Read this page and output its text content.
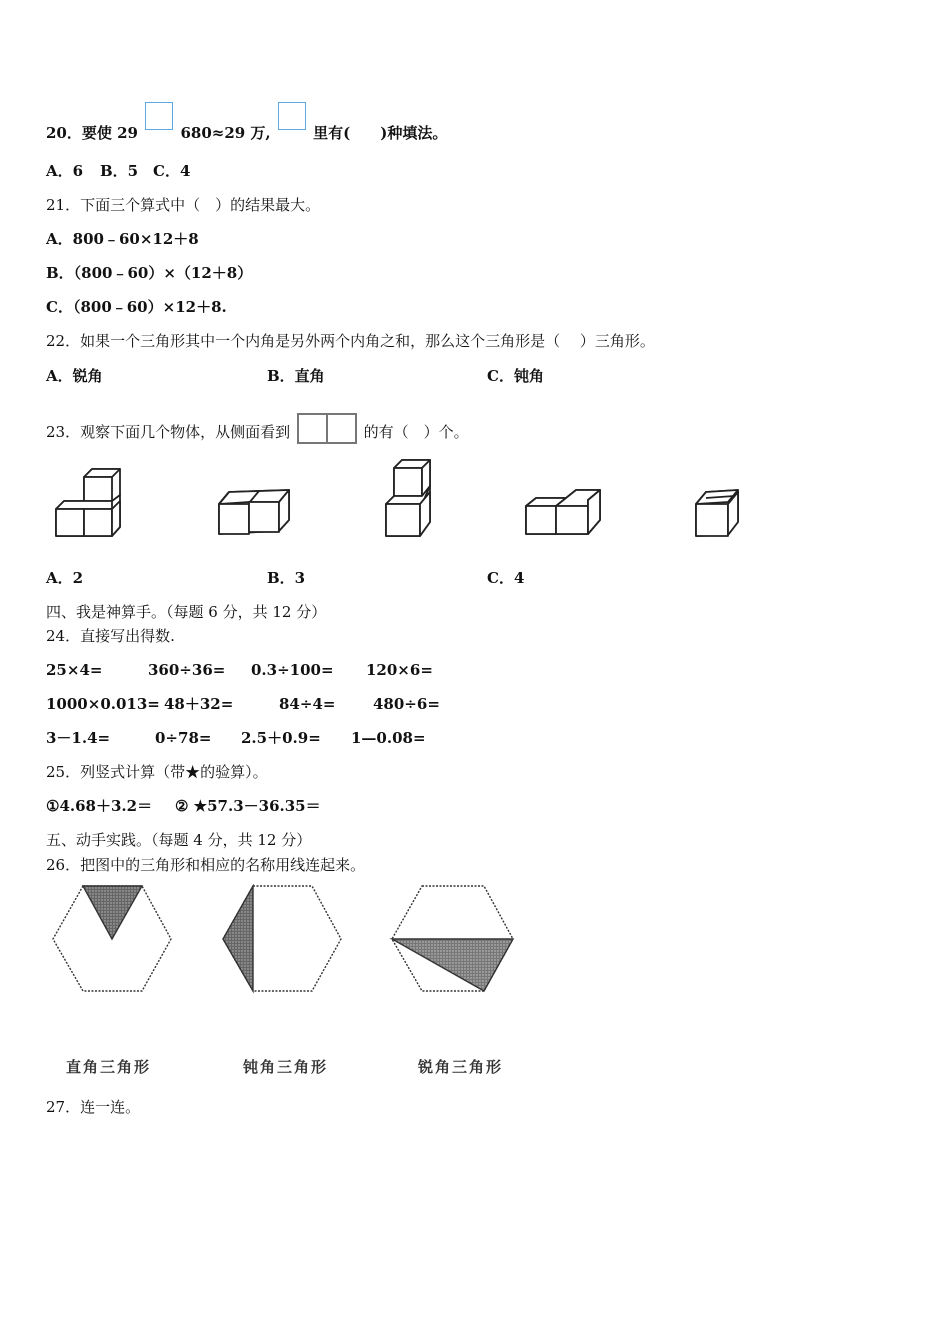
20．要使 29	680≈29 万,	里有( )种填法。
A．6 B．5 C．4
21．下面三个算式中（　）的结果最大。
A．800﹣60×12＋8
B．（800﹣60）×（12＋8）
C．（800﹣60）×12＋8.
22．如果一个三角形其中一个内角是另外两个内角之和，那么这个三角形是（　 ）三角形。
A．锐角	B．直角	C．钝角
23．观察下面几个物体，从侧面看到	的有（　）个。
A．2	B．3	C．4
四、我是神算手。（每题 6 分，共 12 分）
24．直接写出得数.
25×4=	360÷36= 0.3÷100= 120×6=
1000×0.013= 48＋32=	84÷4=	480÷6=
3－1.4=	0÷78= 2.5＋0.9= 1—0.08=
25．列竖式计算（带★的验算）。
①4.68＋3.2＝ ② ★57.3－36.35＝
五、动手实践。（每题 4 分，共 12 分）
26．把图中的三角形和相应的名称用线连起来。
直角三角形	钝角三角形	锐角三角形
27．连一连。
